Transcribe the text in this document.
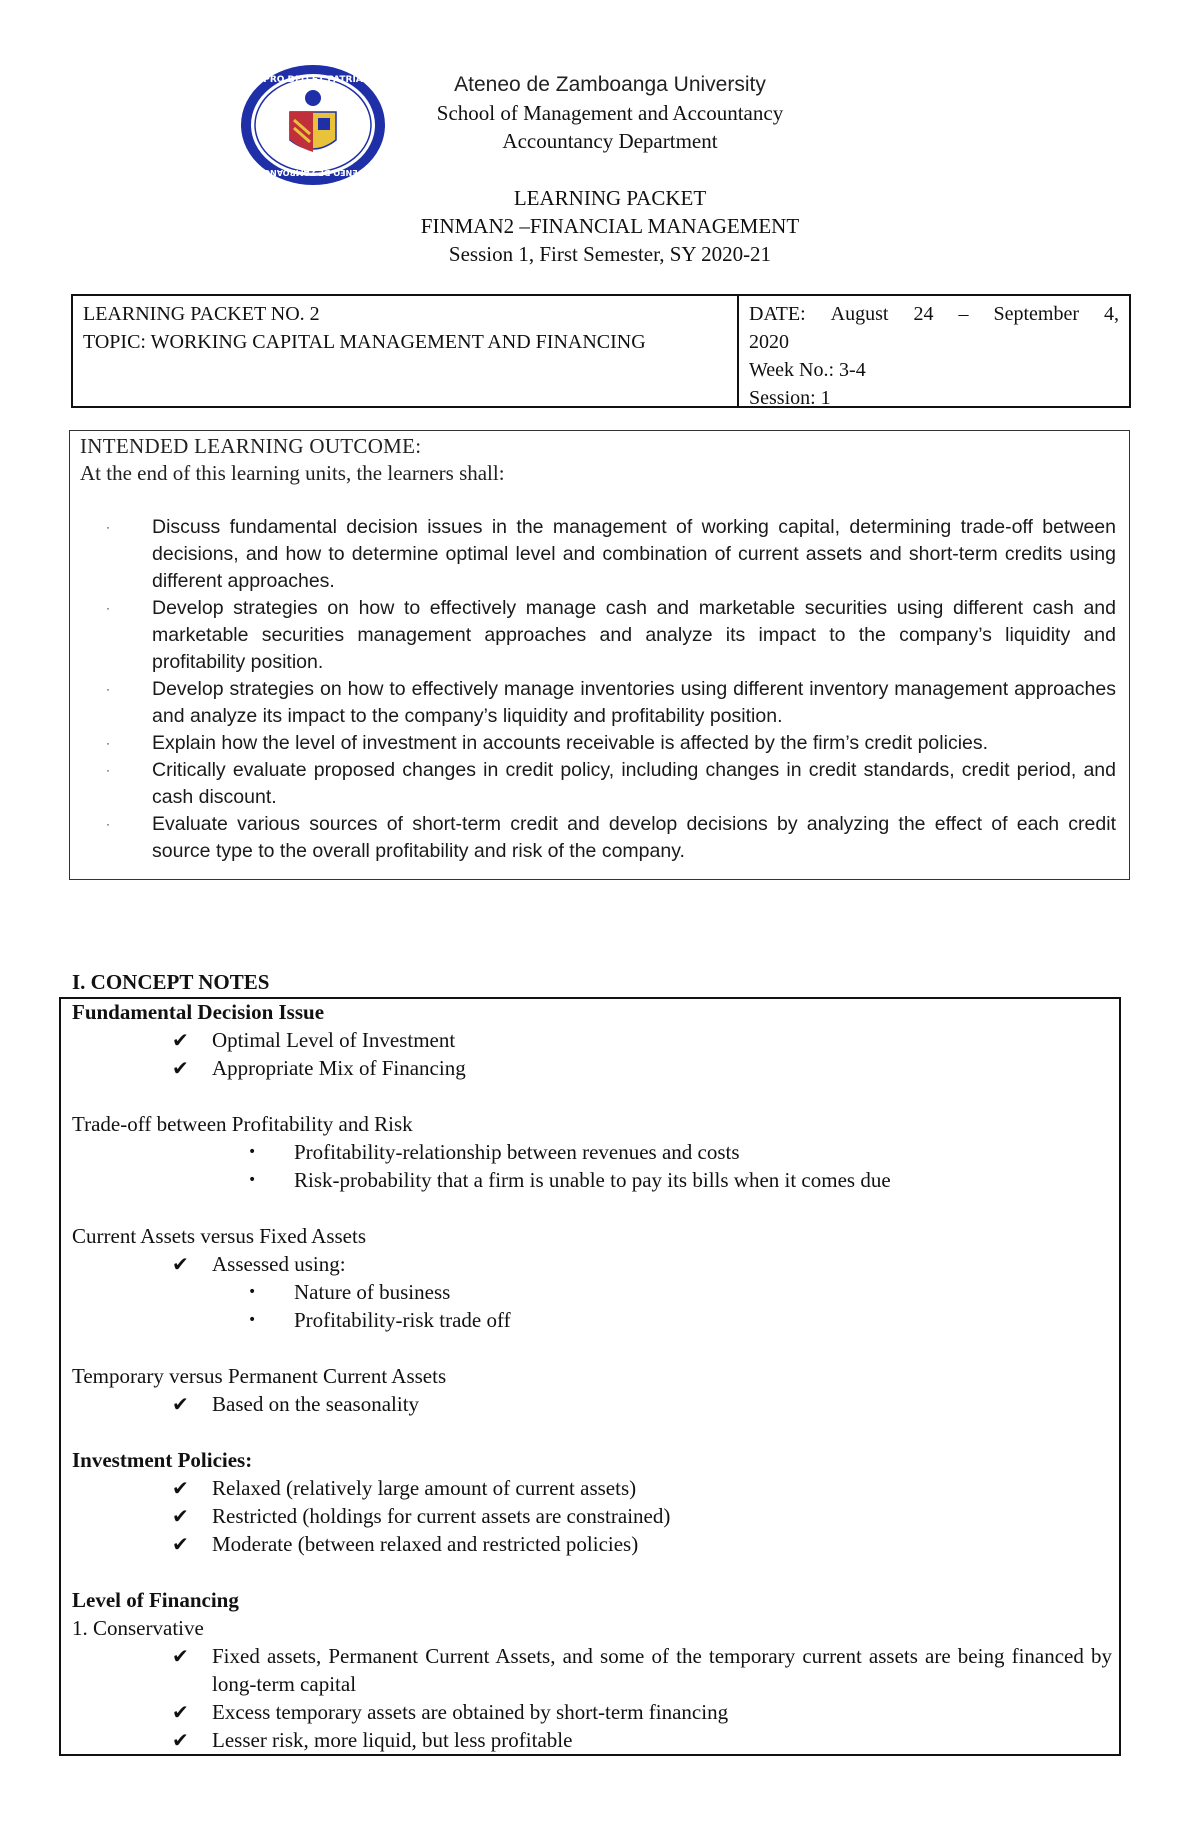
PRO DEO ET PATRIA
ATENEO DE ZAMBOANGA
Ateneo de Zamboanga University
School of Management and Accountancy
Accountancy Department
LEARNING PACKET
FINMAN2 –FINANCIAL MANAGEMENT
Session 1, First Semester, SY 2020-21
LEARNING PACKET NO. 2
TOPIC: WORKING CAPITAL MANAGEMENT AND FINANCING
DATE: August 24 – September 4,
2020
Week No.: 3-4
Session: 1
INTENDED LEARNING OUTCOME:
At the end of this learning units, the learners shall:
·	Discuss fundamental decision issues in the management of working capital, determining trade-off between decisions, and how to determine optimal level and combination of current assets and short-term credits using different approaches.
·	Develop strategies on how to effectively manage cash and marketable securities using different cash and marketable securities management approaches and analyze its impact to the company’s liquidity and profitability position.
·	Develop strategies on how to effectively manage inventories using different inventory management approaches and analyze its impact to the company’s liquidity and profitability position.
·	Explain how the level of investment in accounts receivable is affected by the firm’s credit policies.
·	Critically evaluate proposed changes in credit policy, including changes in credit standards, credit period, and cash discount.
·	Evaluate various sources of short-term credit and develop decisions by analyzing the effect of each credit source type to the overall profitability and risk of the company.
I. CONCEPT NOTES
Fundamental Decision Issue
✔	Optimal Level of Investment
✔	Appropriate Mix of Financing
Trade-off between Profitability and Risk
•	Profitability-relationship between revenues and costs
•	Risk-probability that a firm is unable to pay its bills when it comes due
Current Assets versus Fixed Assets
✔	Assessed using:
•	Nature of business
•	Profitability-risk trade off
Temporary versus Permanent Current Assets
✔	Based on the seasonality
Investment Policies:
✔	Relaxed (relatively large amount of current assets)
✔	Restricted (holdings for current assets are constrained)
✔	Moderate (between relaxed and restricted policies)
Level of Financing
1. Conservative
✔	Fixed assets, Permanent Current Assets, and some of the temporary current assets are being financed by long-term capital
✔	Excess temporary assets are obtained by short-term financing
✔	Lesser risk, more liquid, but less profitable
